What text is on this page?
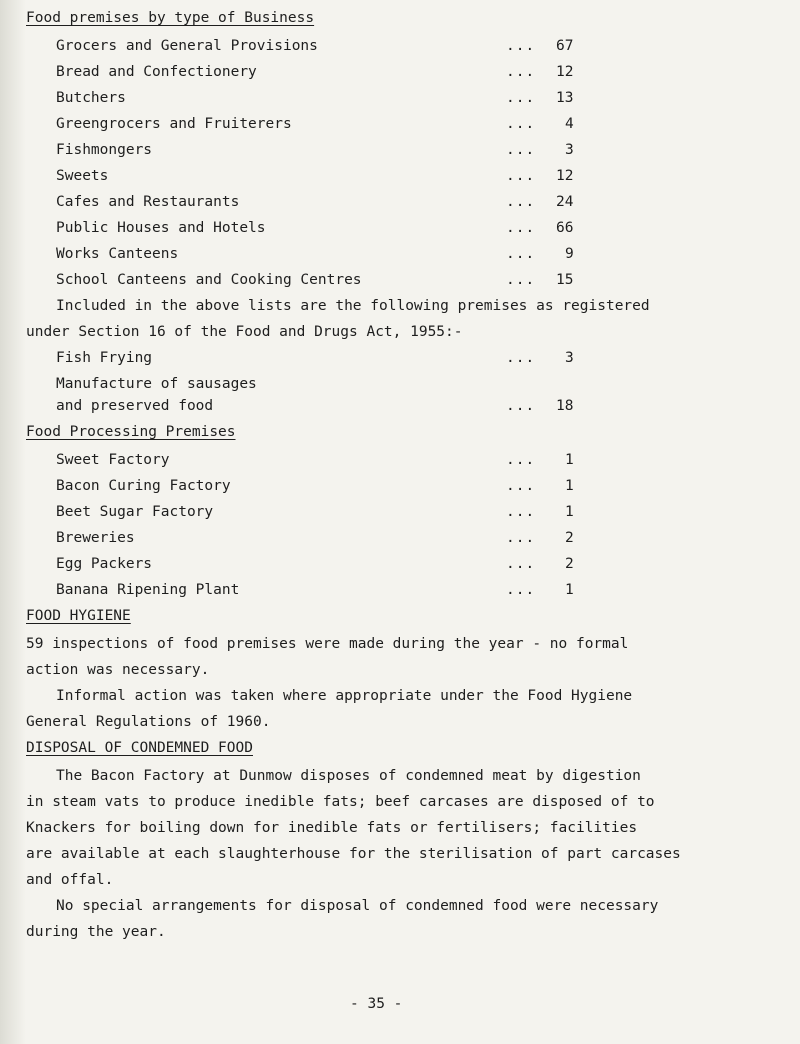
Food premises by type of Business
Grocers and General Provisions	... 67
Bread and Confectionery	... 12
Butchers	... 13
Greengrocers and Fruiterers	... 4
Fishmongers	... 3
Sweets	... 12
Cafes and Restaurants	... 24
Public Houses and Hotels	... 66
Works Canteens	... 9
School Canteens and Cooking Centres	... 15
Included in the above lists are the following premises as registered
under Section 16 of the Food and Drugs Act, 1955:-
Fish Frying	... 3
Manufacture of sausages
and preserved food	... 18
Food Processing Premises
Sweet Factory	... 1
Bacon Curing Factory	... 1
Beet Sugar Factory	... 1
Breweries	... 2
Egg Packers	... 2
Banana Ripening Plant	... 1
FOOD HYGIENE
59 inspections of food premises were made during the year - no formal
action was necessary.
Informal action was taken where appropriate under the Food Hygiene
General Regulations of 1960.
DISPOSAL OF CONDEMNED FOOD
The Bacon Factory at Dunmow disposes of condemned meat by digestion
in steam vats to produce inedible fats; beef carcases are disposed of to
Knackers for boiling down for inedible fats or fertilisers; facilities
are available at each slaughterhouse for the sterilisation of part carcases
and offal.
No special arrangements for disposal of condemned food were necessary
during the year.
- 35 -
